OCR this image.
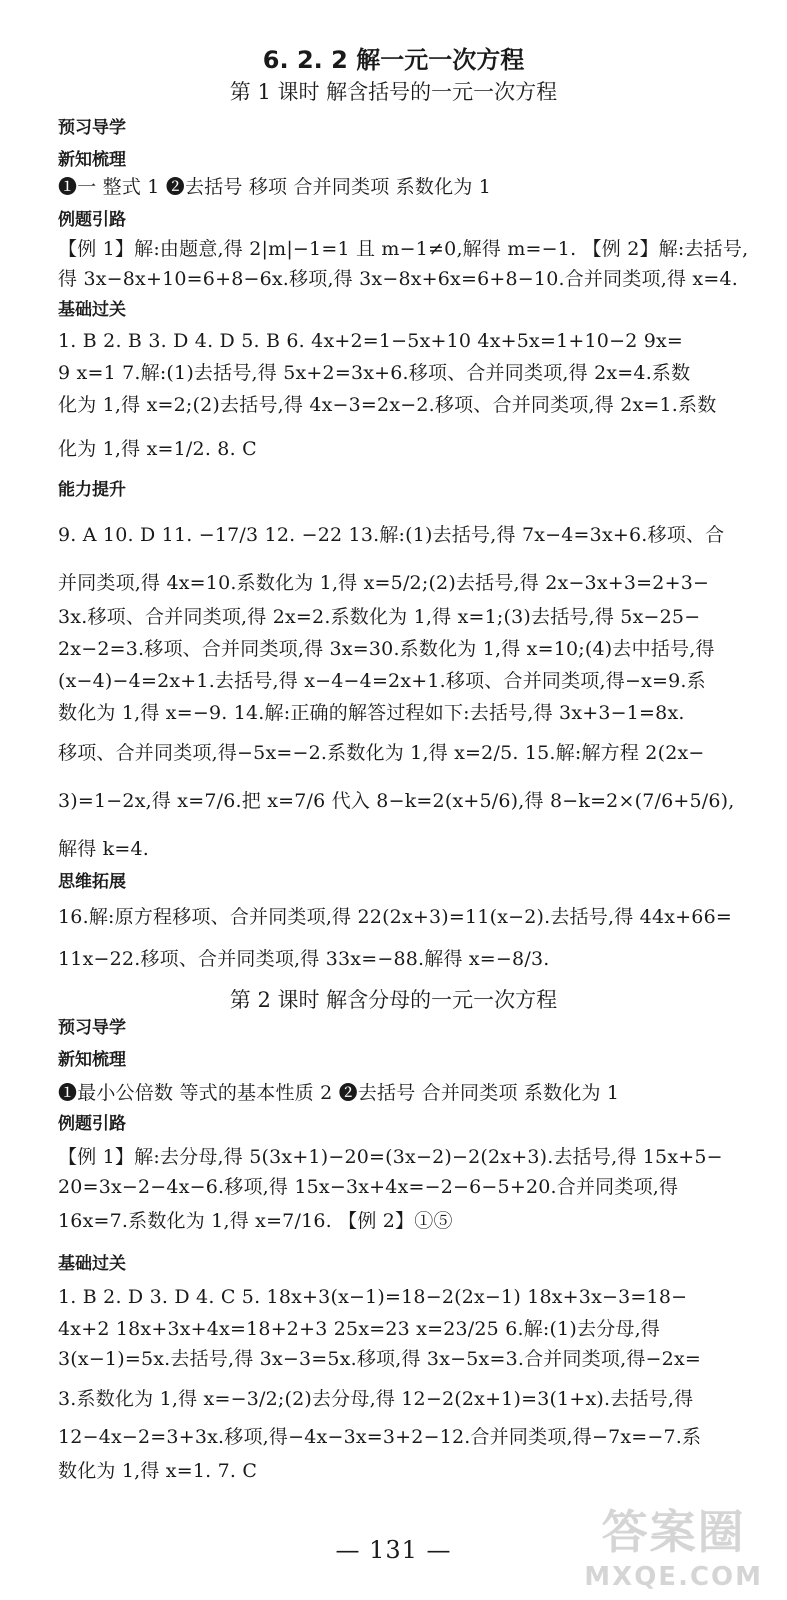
6. 2. 2 解一元一次方程
第 1 课时 解含括号的一元一次方程
预习导学
新知梳理
❶一 整式 1 ❷去括号 移项 合并同类项 系数化为 1
例题引路
【例 1】解:由题意,得 2|m|−1=1 且 m−1≠0,解得 m=−1. 【例 2】解:去括号,
得 3x−8x+10=6+8−6x.移项,得 3x−8x+6x=6+8−10.合并同类项,得 x=4.
基础过关
1. B 2. B 3. D 4. D 5. B 6. 4x+2=1−5x+10 4x+5x=1+10−2 9x=
9 x=1 7.解:(1)去括号,得 5x+2=3x+6.移项、合并同类项,得 2x=4.系数
化为 1,得 x=2;(2)去括号,得 4x−3=2x−2.移项、合并同类项,得 2x=1.系数
化为 1,得 x=1/2. 8. C
能力提升
9. A 10. D 11. −17/3 12. −22 13.解:(1)去括号,得 7x−4=3x+6.移项、合
并同类项,得 4x=10.系数化为 1,得 x=5/2;(2)去括号,得 2x−3x+3=2+3−
3x.移项、合并同类项,得 2x=2.系数化为 1,得 x=1;(3)去括号,得 5x−25−
2x−2=3.移项、合并同类项,得 3x=30.系数化为 1,得 x=10;(4)去中括号,得
(x−4)−4=2x+1.去括号,得 x−4−4=2x+1.移项、合并同类项,得−x=9.系
数化为 1,得 x=−9. 14.解:正确的解答过程如下:去括号,得 3x+3−1=8x.
移项、合并同类项,得−5x=−2.系数化为 1,得 x=2/5. 15.解:解方程 2(2x−
3)=1−2x,得 x=7/6.把 x=7/6 代入 8−k=2(x+5/6),得 8−k=2×(7/6+5/6),
解得 k=4.
思维拓展
16.解:原方程移项、合并同类项,得 22(2x+3)=11(x−2).去括号,得 44x+66=
11x−22.移项、合并同类项,得 33x=−88.解得 x=−8/3.
第 2 课时 解含分母的一元一次方程
预习导学
新知梳理
❶最小公倍数 等式的基本性质 2 ❷去括号 合并同类项 系数化为 1
例题引路
【例 1】解:去分母,得 5(3x+1)−20=(3x−2)−2(2x+3).去括号,得 15x+5−
20=3x−2−4x−6.移项,得 15x−3x+4x=−2−6−5+20.合并同类项,得
16x=7.系数化为 1,得 x=7/16. 【例 2】①⑤
基础过关
1. B 2. D 3. D 4. C 5. 18x+3(x−1)=18−2(2x−1) 18x+3x−3=18−
4x+2 18x+3x+4x=18+2+3 25x=23 x=23/25 6.解:(1)去分母,得
3(x−1)=5x.去括号,得 3x−3=5x.移项,得 3x−5x=3.合并同类项,得−2x=
3.系数化为 1,得 x=−3/2;(2)去分母,得 12−2(2x+1)=3(1+x).去括号,得
12−4x−2=3+3x.移项,得−4x−3x=3+2−12.合并同类项,得−7x=−7.系
数化为 1,得 x=1. 7. C
— 131 —	答案圈
MXQE.COM
